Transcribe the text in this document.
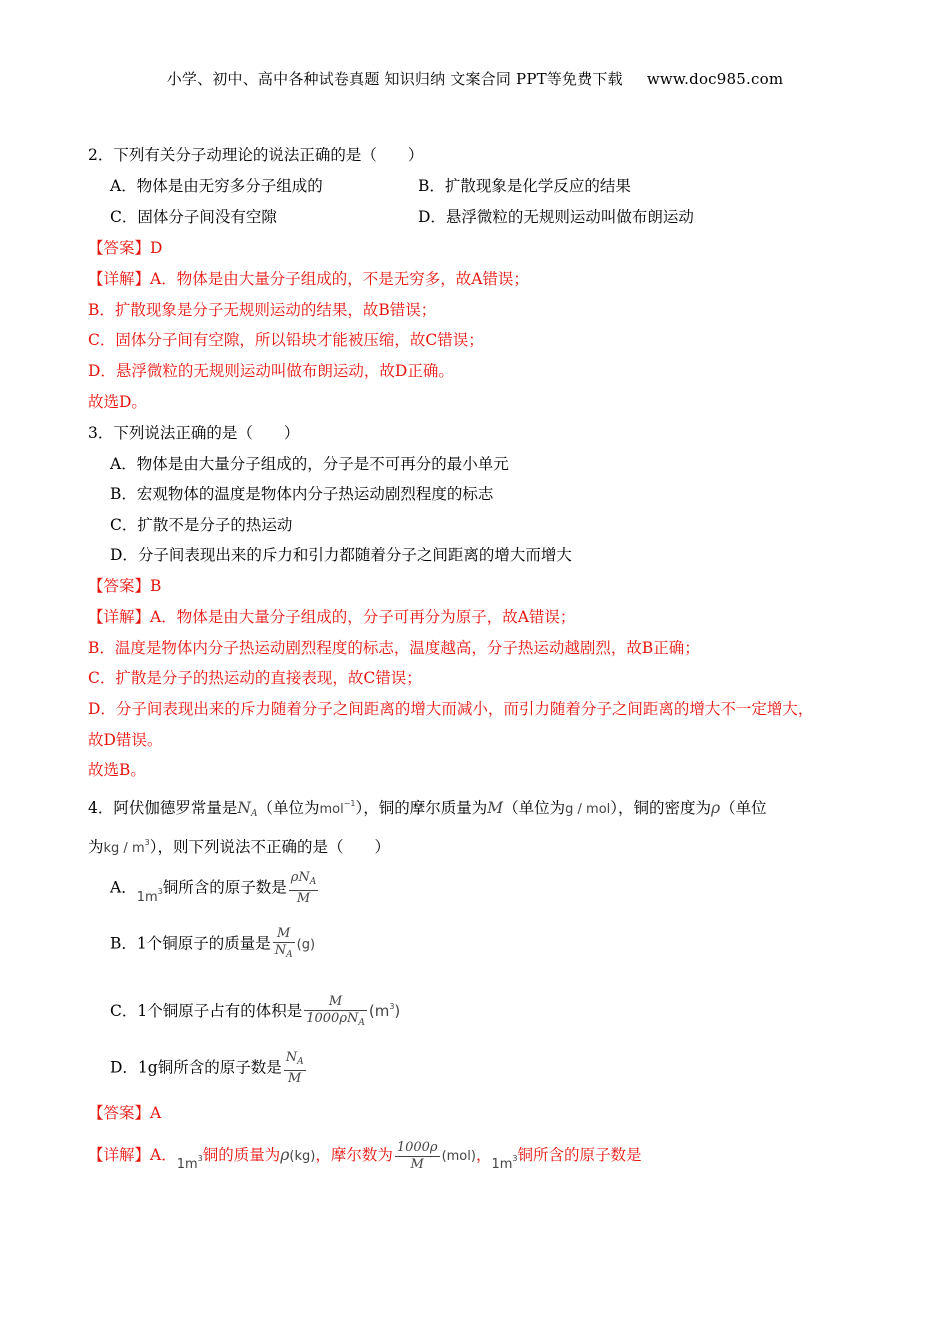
小学、初中、高中各种试卷真题 知识归纳 文案合同 PPT等免费下载 www.doc985.com
2．下列有关分子动理论的说法正确的是（　　）
A．物体是由无穷多分子组成的	B．扩散现象是化学反应的结果
C．固体分子间没有空隙	D．悬浮微粒的无规则运动叫做布朗运动
【答案】D
【详解】A．物体是由大量分子组成的，不是无穷多，故A错误；
B．扩散现象是分子无规则运动的结果，故B错误；
C．固体分子间有空隙，所以铅块才能被压缩，故C错误；
D．悬浮微粒的无规则运动叫做布朗运动，故D正确。
故选D。
3．下列说法正确的是（　　）
A．物体是由大量分子组成的，分子是不可再分的最小单元
B．宏观物体的温度是物体内分子热运动剧烈程度的标志
C．扩散不是分子的热运动
D．分子间表现出来的斥力和引力都随着分子之间距离的增大而增大
【答案】B
【详解】A．物体是由大量分子组成的，分子可再分为原子，故A错误；
B．温度是物体内分子热运动剧烈程度的标志，温度越高，分子热运动越剧烈，故B正确；
C．扩散是分子的热运动的直接表现，故C错误；
D．分子间表现出来的斥力随着分子之间距离的增大而减小，而引力随着分子之间距离的增大不一定增大，
故D错误。
故选B。
4．阿伏伽德罗常量是$N_A$（单位为mol$^{-1}$），铜的摩尔质量为M（单位为g / mol），铜的密度为ρ（单位
为kg / $m^3$），则下列说法不正确的是（　　）
A．$_{1m^3}$铜所含的原子数是 $\frac{\rho N_A}{M}$
B．1个铜原子的质量是 $\frac{M}{N_A} (g)$
C．1个铜原子占有的体积是 $\frac{M}{1000\rho N_A} (m^3)$
D．1g铜所含的原子数是 $\frac{N_A}{M}$
【答案】A
【详解】A．$_{1m^3}$铜的质量为ρ(kg)，摩尔数为 $\frac{1000\rho}{M} (mol)$，$_{1m^3}$铜所含的原子数是
